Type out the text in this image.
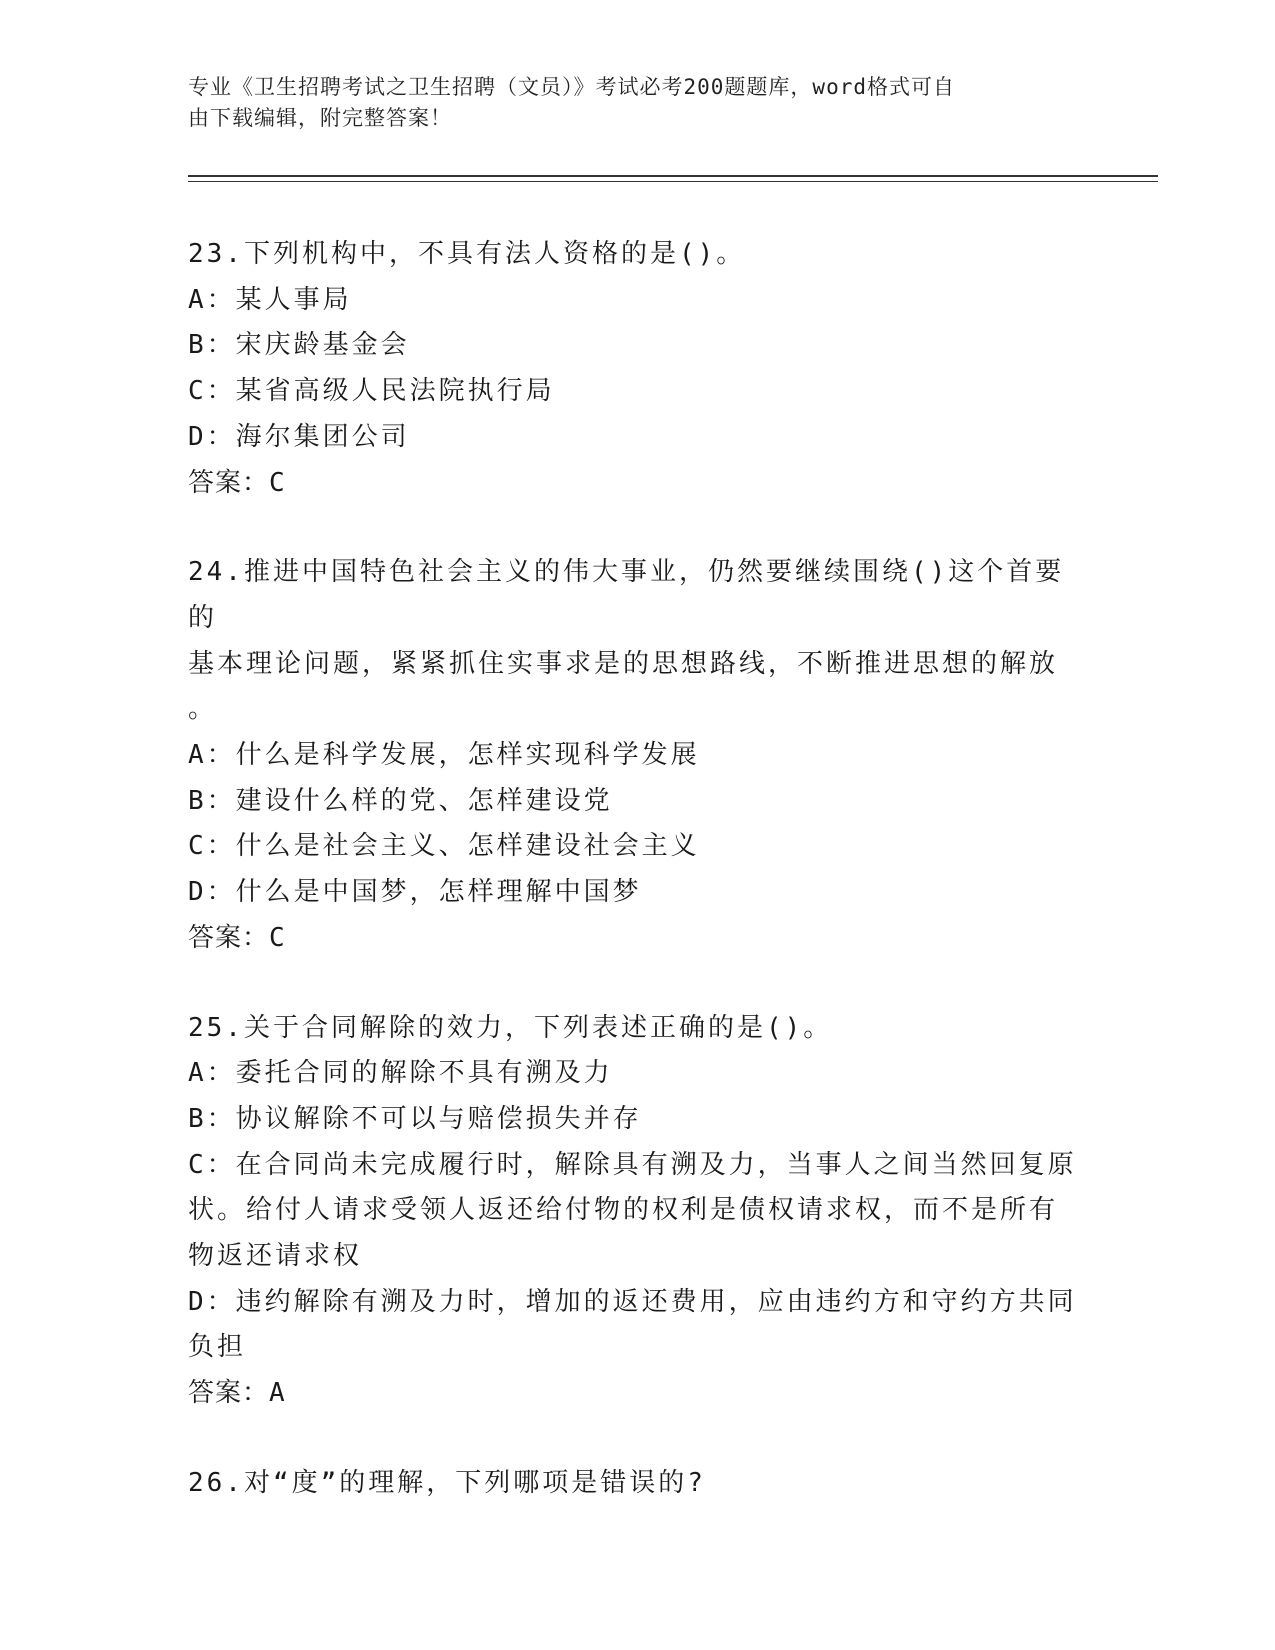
专业《卫生招聘考试之卫生招聘（文员）》考试必考200题题库，word格式可自
由下载编辑，附完整答案！
23.下列机构中，不具有法人资格的是()。
A：某人事局
B：宋庆龄基金会
C：某省高级人民法院执行局
D：海尔集团公司
答案：C
24.推进中国特色社会主义的伟大事业，仍然要继续围绕()这个首要的
基本理论问题，紧紧抓住实事求是的思想路线，不断推进思想的解放
。
A：什么是科学发展，怎样实现科学发展
B：建设什么样的党、怎样建设党
C：什么是社会主义、怎样建设社会主义
D：什么是中国梦，怎样理解中国梦
答案：C
25.关于合同解除的效力，下列表述正确的是()。
A：委托合同的解除不具有溯及力
B：协议解除不可以与赔偿损失并存
C：在合同尚未完成履行时，解除具有溯及力，当事人之间当然回复原
状。给付人请求受领人返还给付物的权利是债权请求权，而不是所有
物返还请求权
D：违约解除有溯及力时，增加的返还费用，应由违约方和守约方共同
负担
答案：A
26.对“度”的理解，下列哪项是错误的?
